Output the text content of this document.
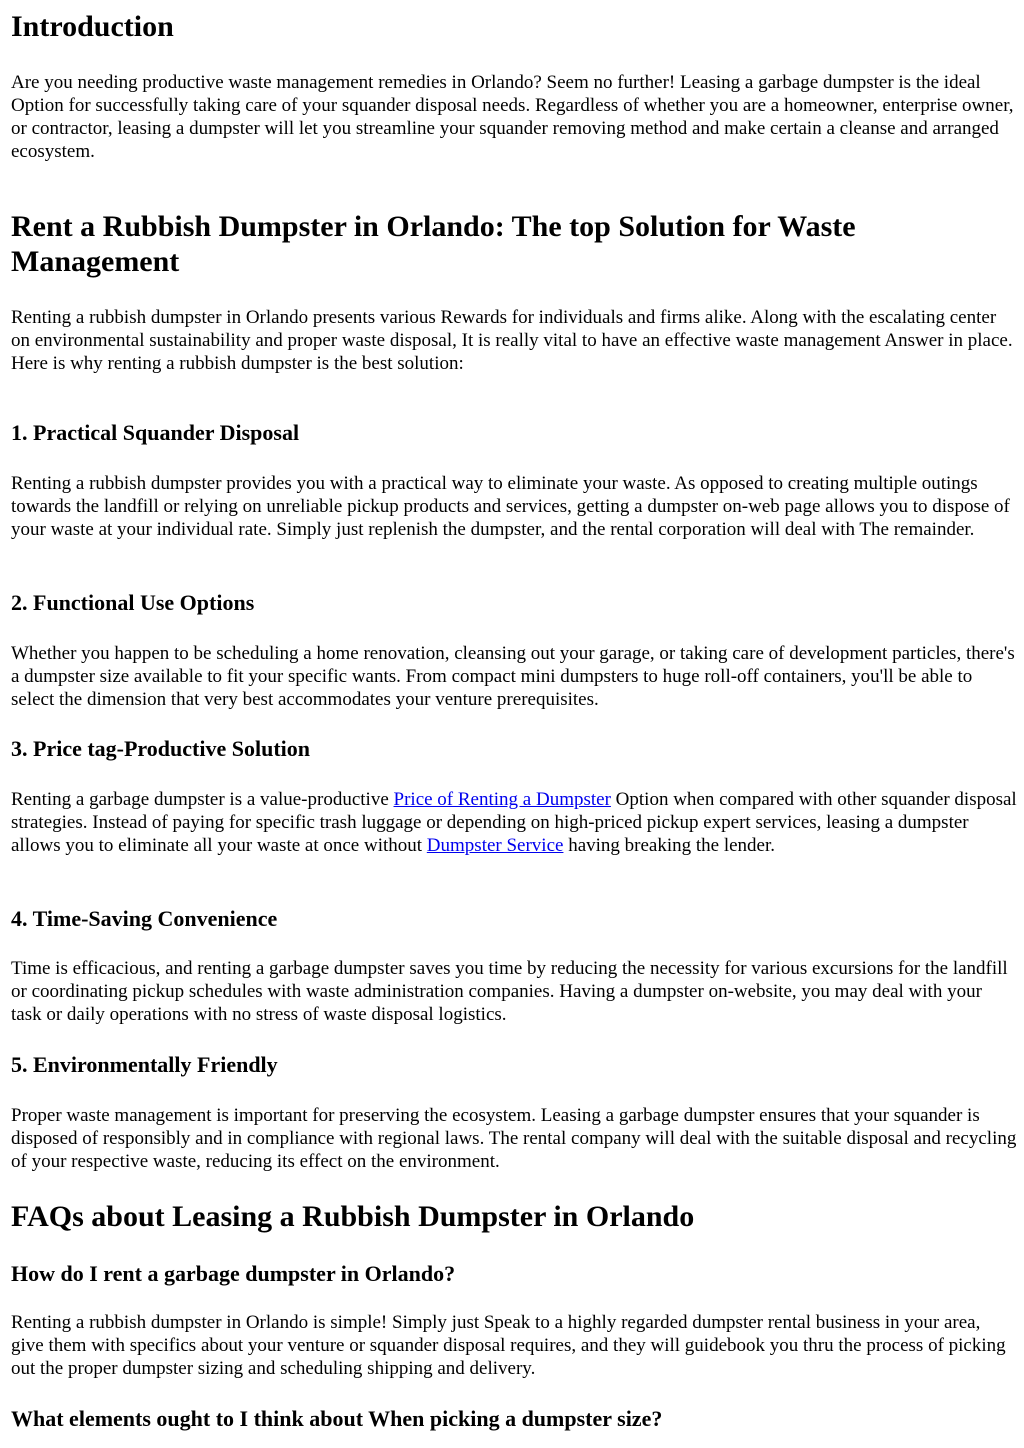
Introduction

Are you needing productive waste management remedies in Orlando? Seem no further! Leasing a garbage dumpster is the ideal Option for successfully taking care of your squander disposal needs. Regardless of whether you are a homeowner, enterprise owner, or contractor, leasing a dumpster will let you streamline your squander removing method and make certain a cleanse and arranged ecosystem.

Rent a Rubbish Dumpster in Orlando: The top Solution for Waste Management

Renting a rubbish dumpster in Orlando presents various Rewards for individuals and firms alike. Along with the escalating center on environmental sustainability and proper waste disposal, It is really vital to have an effective waste management Answer in place. Here is why renting a rubbish dumpster is the best solution:

1. Practical Squander Disposal

Renting a rubbish dumpster provides you with a practical way to eliminate your waste. As opposed to creating multiple outings towards the landfill or relying on unreliable pickup products and services, getting a dumpster on-web page allows you to dispose of your waste at your individual rate. Simply just replenish the dumpster, and the rental corporation will deal with The remainder.

2. Functional Use Options

Whether you happen to be scheduling a home renovation, cleansing out your garage, or taking care of development particles, there's a dumpster size available to fit your specific wants. From compact mini dumpsters to huge roll-off containers, you'll be able to select the dimension that very best accommodates your venture prerequisites.

3. Price tag-Productive Solution

Renting a garbage dumpster is a value-productive Price of Renting a Dumpster Option when compared with other squander disposal strategies. Instead of paying for specific trash luggage or depending on high-priced pickup expert services, leasing a dumpster allows you to eliminate all your waste at once without Dumpster Service having breaking the lender.

4. Time-Saving Convenience

Time is efficacious, and renting a garbage dumpster saves you time by reducing the necessity for various excursions for the landfill or coordinating pickup schedules with waste administration companies. Having a dumpster on-website, you may deal with your task or daily operations with no stress of waste disposal logistics.

5. Environmentally Friendly

Proper waste management is important for preserving the ecosystem. Leasing a garbage dumpster ensures that your squander is disposed of responsibly and in compliance with regional laws. The rental company will deal with the suitable disposal and recycling of your respective waste, reducing its effect on the environment.

FAQs about Leasing a Rubbish Dumpster in Orlando
How do I rent a garbage dumpster in Orlando?

Renting a rubbish dumpster in Orlando is simple! Simply just Speak to a highly regarded dumpster rental business in your area, give them with specifics about your venture or squander disposal requires, and they will guidebook you thru the process of picking out the proper dumpster sizing and scheduling shipping and delivery.

What elements ought to I think about When picking a dumpster size?
